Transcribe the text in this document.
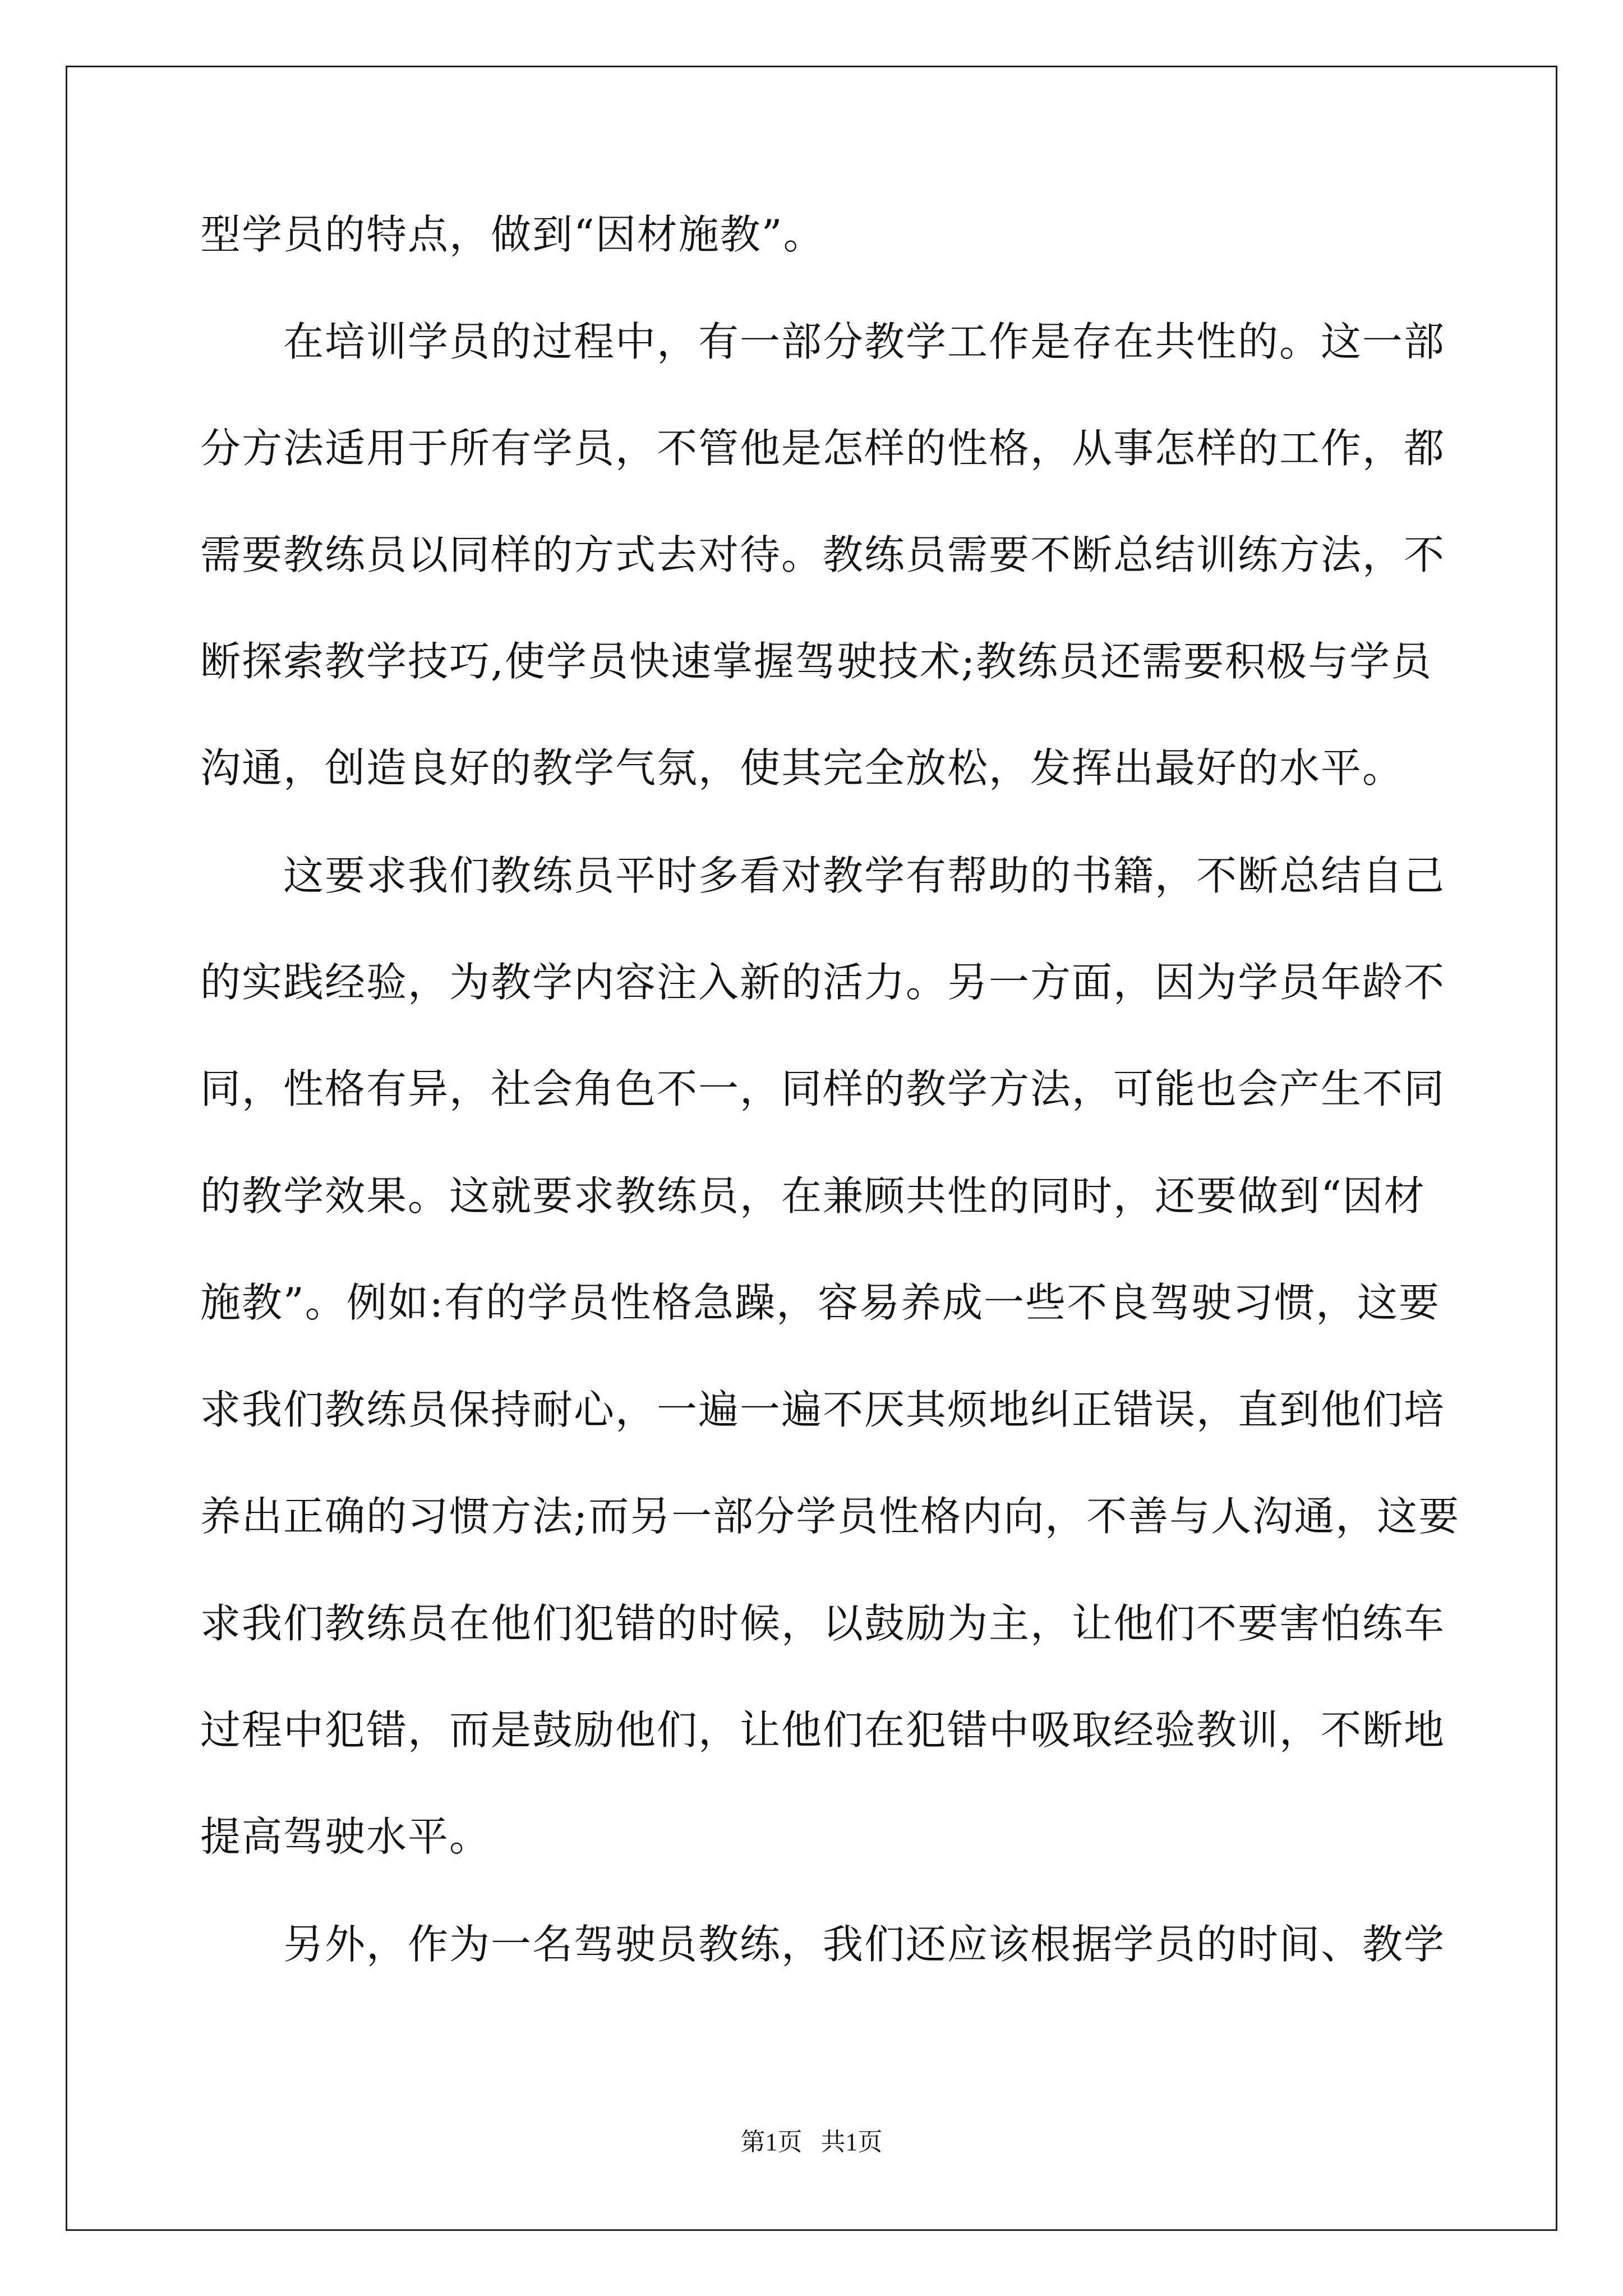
型学员的特点，做到“因材施教”。
在培训学员的过程中，有一部分教学工作是存在共性的。这一部
分方法适用于所有学员，不管他是怎样的性格，从事怎样的工作，都
需要教练员以同样的方式去对待。教练员需要不断总结训练方法，不
断探索教学技巧,使学员快速掌握驾驶技术;教练员还需要积极与学员
沟通，创造良好的教学气氛，使其完全放松，发挥出最好的水平。
这要求我们教练员平时多看对教学有帮助的书籍，不断总结自己
的实践经验，为教学内容注入新的活力。另一方面，因为学员年龄不
同，性格有异，社会角色不一，同样的教学方法，可能也会产生不同
的教学效果。这就要求教练员，在兼顾共性的同时，还要做到“因材
施教”。例如:有的学员性格急躁，容易养成一些不良驾驶习惯，这要
求我们教练员保持耐心，一遍一遍不厌其烦地纠正错误，直到他们培
养出正确的习惯方法;而另一部分学员性格内向，不善与人沟通，这要
求我们教练员在他们犯错的时候，以鼓励为主，让他们不要害怕练车
过程中犯错，而是鼓励他们，让他们在犯错中吸取经验教训，不断地
提高驾驶水平。
另外，作为一名驾驶员教练，我们还应该根据学员的时间、教学
第1页   共1页
